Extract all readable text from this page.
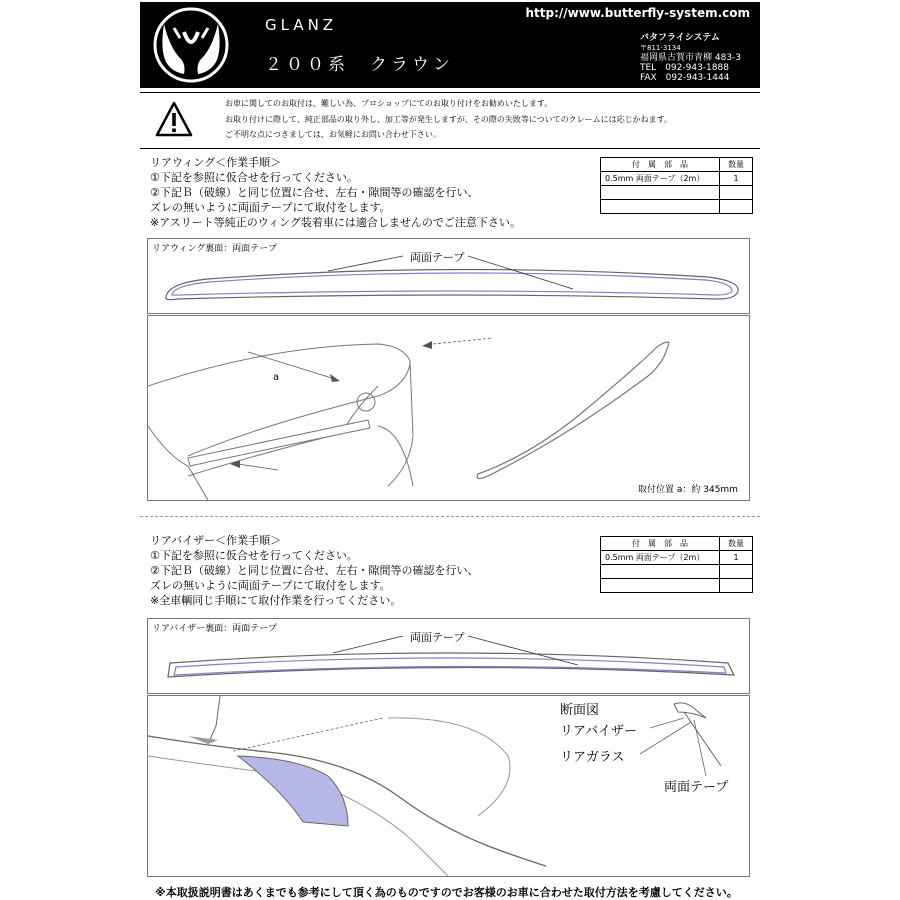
GLANZ
２００系　クラウン
http://www.butterfly-system.com
バタフライシステム
〒811-3134
福岡県古賀市青柳 483-3
TEL　092-943-1888
FAX　092-943-1444
お車に関してのお取付は、難しい為、プロショップにてのお取り付けをお勧めいたします。
お取り付けに際して、純正部品の取り外し、加工等が発生しますが、その際の失敗等についてのクレームには応じかねます。
ご不明な点につきましては、お気軽にお問い合わせ下さい。
リアウィング＜作業手順＞
①下記を参照に仮合せを行ってください。
②下記Ｂ（破線）と同じ位置に合せ、左右・隙間等の確認を行い、
ズレの無いように両面テープにて取付をします。
※アスリート等純正のウィング装着車には適合しませんのでご注意下さい。
付　属　部　品	数量
0.5mm 両面テープ（2m）	1

リアウィング裏面：両面テープ
両面テープ
a
取付位置 a：約 345mm
リアバイザー＜作業手順＞
①下記を参照に仮合せを行ってください。
②下記Ｂ（破線）と同じ位置に合せ、左右・隙間等の確認を行い、
ズレの無いように両面テープにて取付をします。
※全車輌同じ手順にて取付作業を行ってください。
付　属　部　品	数量
0.5mm 両面テープ（2m）	1

リアバイザー裏面：両面テープ
両面テープ
断面図
リアバイザー
リアガラス
両面テープ
※本取扱説明書はあくまでも参考にして頂く為のものですのでお客様のお車に合わせた取付方法を考慮してください。
